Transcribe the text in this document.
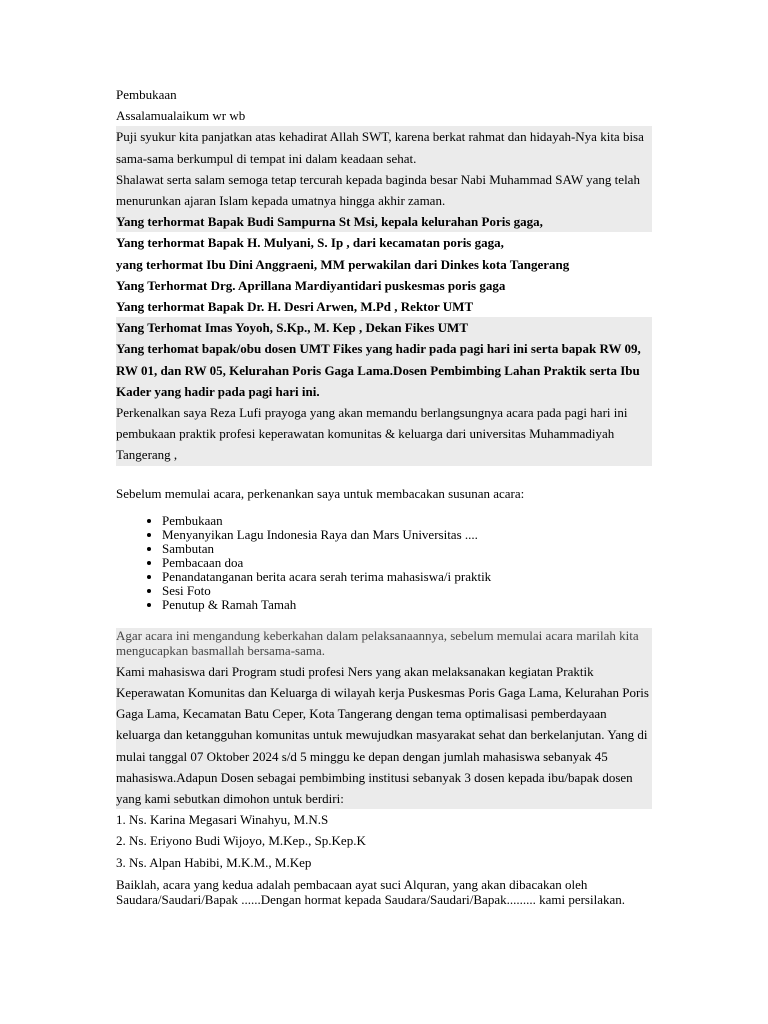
Pembukaan
Assalamualaikum wr wb
Puji syukur kita panjatkan atas kehadirat Allah SWT, karena berkat rahmat dan hidayah-Nya kita bisa
sama-sama berkumpul di tempat ini dalam keadaan sehat.
Shalawat serta salam semoga tetap tercurah kepada baginda besar Nabi Muhammad SAW yang telah
menurunkan ajaran Islam kepada umatnya hingga akhir zaman.
Yang terhormat Bapak Budi Sampurna St Msi, kepala kelurahan Poris gaga,
Yang terhormat Bapak H. Mulyani, S. Ip , dari kecamatan poris gaga,
yang terhormat Ibu Dini Anggraeni, MM perwakilan dari Dinkes kota Tangerang
Yang Terhormat Drg. Aprillana Mardiyantidari puskesmas poris gaga
Yang terhormat Bapak Dr. H. Desri Arwen, M.Pd , Rektor UMT
Yang Terhomat Imas Yoyoh, S.Kp., M. Kep , Dekan Fikes UMT
Yang terhomat bapak/obu dosen UMT Fikes yang hadir pada pagi hari ini serta bapak RW 09,
RW 01, dan RW 05, Kelurahan Poris Gaga Lama.Dosen Pembimbing Lahan Praktik serta Ibu
Kader yang hadir pada pagi hari ini.
Perkenalkan saya Reza Lufi prayoga yang akan memandu berlangsungnya acara pada pagi hari ini
pembukaan praktik profesi keperawatan komunitas & keluarga dari universitas Muhammadiyah
Tangerang ,
Sebelum memulai acara, perkenankan saya untuk membacakan susunan acara:
• Pembukaan
• Menyanyikan Lagu Indonesia Raya dan Mars Universitas ....
• Sambutan
• Pembacaan doa
• Penandatanganan berita acara serah terima mahasiswa/i praktik
• Sesi Foto
• Penutup & Ramah Tamah
Agar acara ini mengandung keberkahan dalam pelaksanaannya, sebelum memulai acara marilah kita
mengucapkan basmallah bersama-sama.
Kami mahasiswa dari Program studi profesi Ners yang akan melaksanakan kegiatan Praktik
Keperawatan Komunitas dan Keluarga di wilayah kerja Puskesmas Poris Gaga Lama, Kelurahan Poris
Gaga Lama, Kecamatan Batu Ceper, Kota Tangerang dengan tema optimalisasi pemberdayaan
keluarga dan ketangguhan komunitas untuk mewujudkan masyarakat sehat dan berkelanjutan. Yang di
mulai tanggal 07 Oktober 2024 s/d 5 minggu ke depan dengan jumlah mahasiswa sebanyak 45
mahasiswa.Adapun Dosen sebagai pembimbing institusi sebanyak 3 dosen kepada ibu/bapak dosen
yang kami sebutkan dimohon untuk berdiri:
1. Ns. Karina Megasari Winahyu, M.N.S
2. Ns. Eriyono Budi Wijoyo, M.Kep., Sp.Kep.K
3. Ns. Alpan Habibi, M.K.M., M.Kep
Baiklah, acara yang kedua adalah pembacaan ayat suci Alquran, yang akan dibacakan oleh
Saudara/Saudari/Bapak ......Dengan hormat kepada Saudara/Saudari/Bapak......... kami persilakan.
